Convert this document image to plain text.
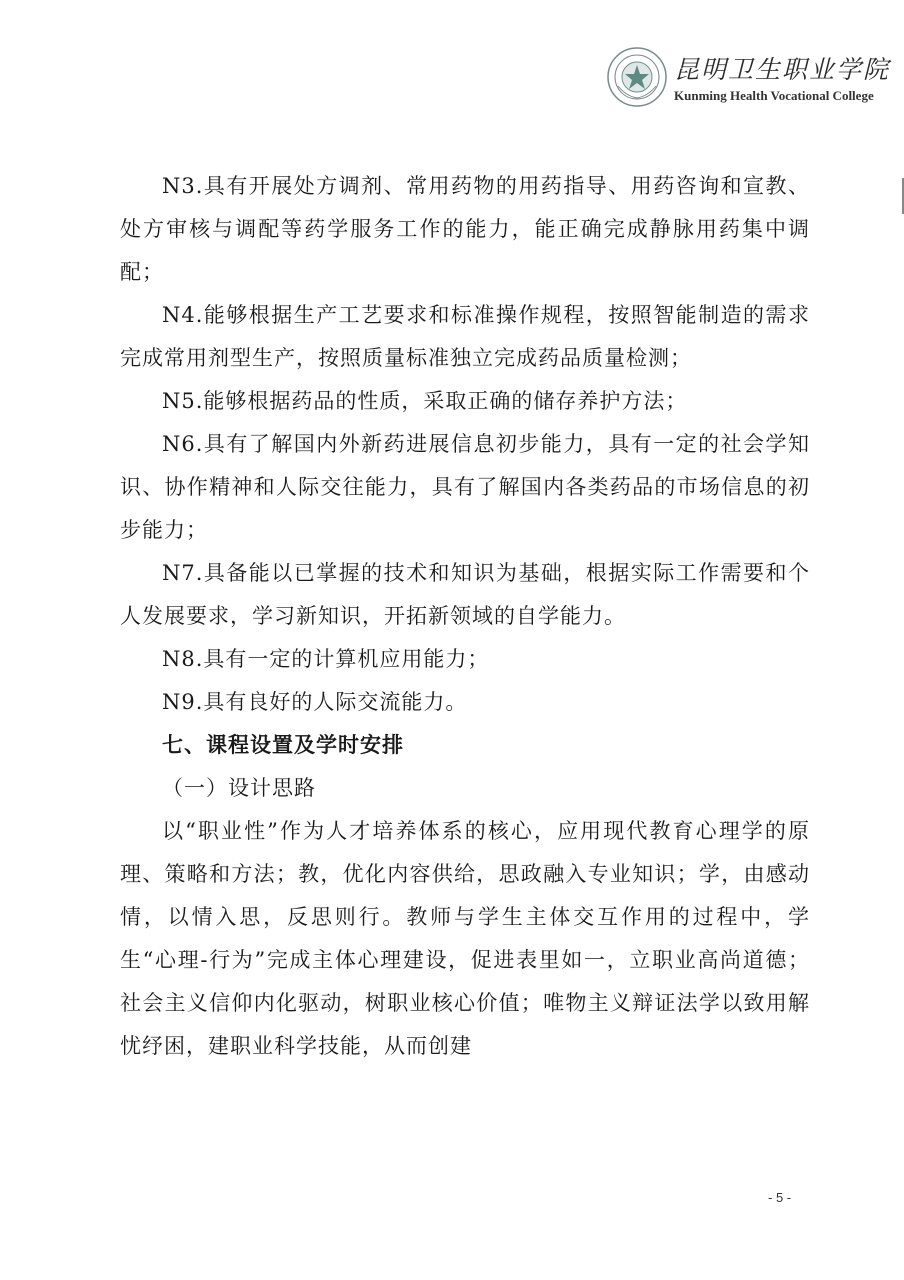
昆明卫生职业学院
Kunming Health Vocational College

N3.具有开展处方调剂、常用药物的用药指导、用药咨询和宣教、处方审核与调配等药学服务工作的能力，能正确完成静脉用药集中调配；

N4.能够根据生产工艺要求和标准操作规程，按照智能制造的需求完成常用剂型生产，按照质量标准独立完成药品质量检测；

N5.能够根据药品的性质，采取正确的储存养护方法；

N6.具有了解国内外新药进展信息初步能力，具有一定的社会学知识、协作精神和人际交往能力，具有了解国内各类药品的市场信息的初步能力；

N7.具备能以已掌握的技术和知识为基础，根据实际工作需要和个人发展要求，学习新知识，开拓新领域的自学能力。

N8.具有一定的计算机应用能力；

N9.具有良好的人际交流能力。

七、课程设置及学时安排

（一）设计思路

以“职业性”作为人才培养体系的核心，应用现代教育心理学的原理、策略和方法；教，优化内容供给，思政融入专业知识；学，由感动情，以情入思，反思则行。教师与学生主体交互作用的过程中，学生“心理-行为”完成主体心理建设，促进表里如一，立职业高尚道德；社会主义信仰内化驱动，树职业核心价值；唯物主义辩证法学以致用解忧纾困，建职业科学技能，从而创建

- 5 -
